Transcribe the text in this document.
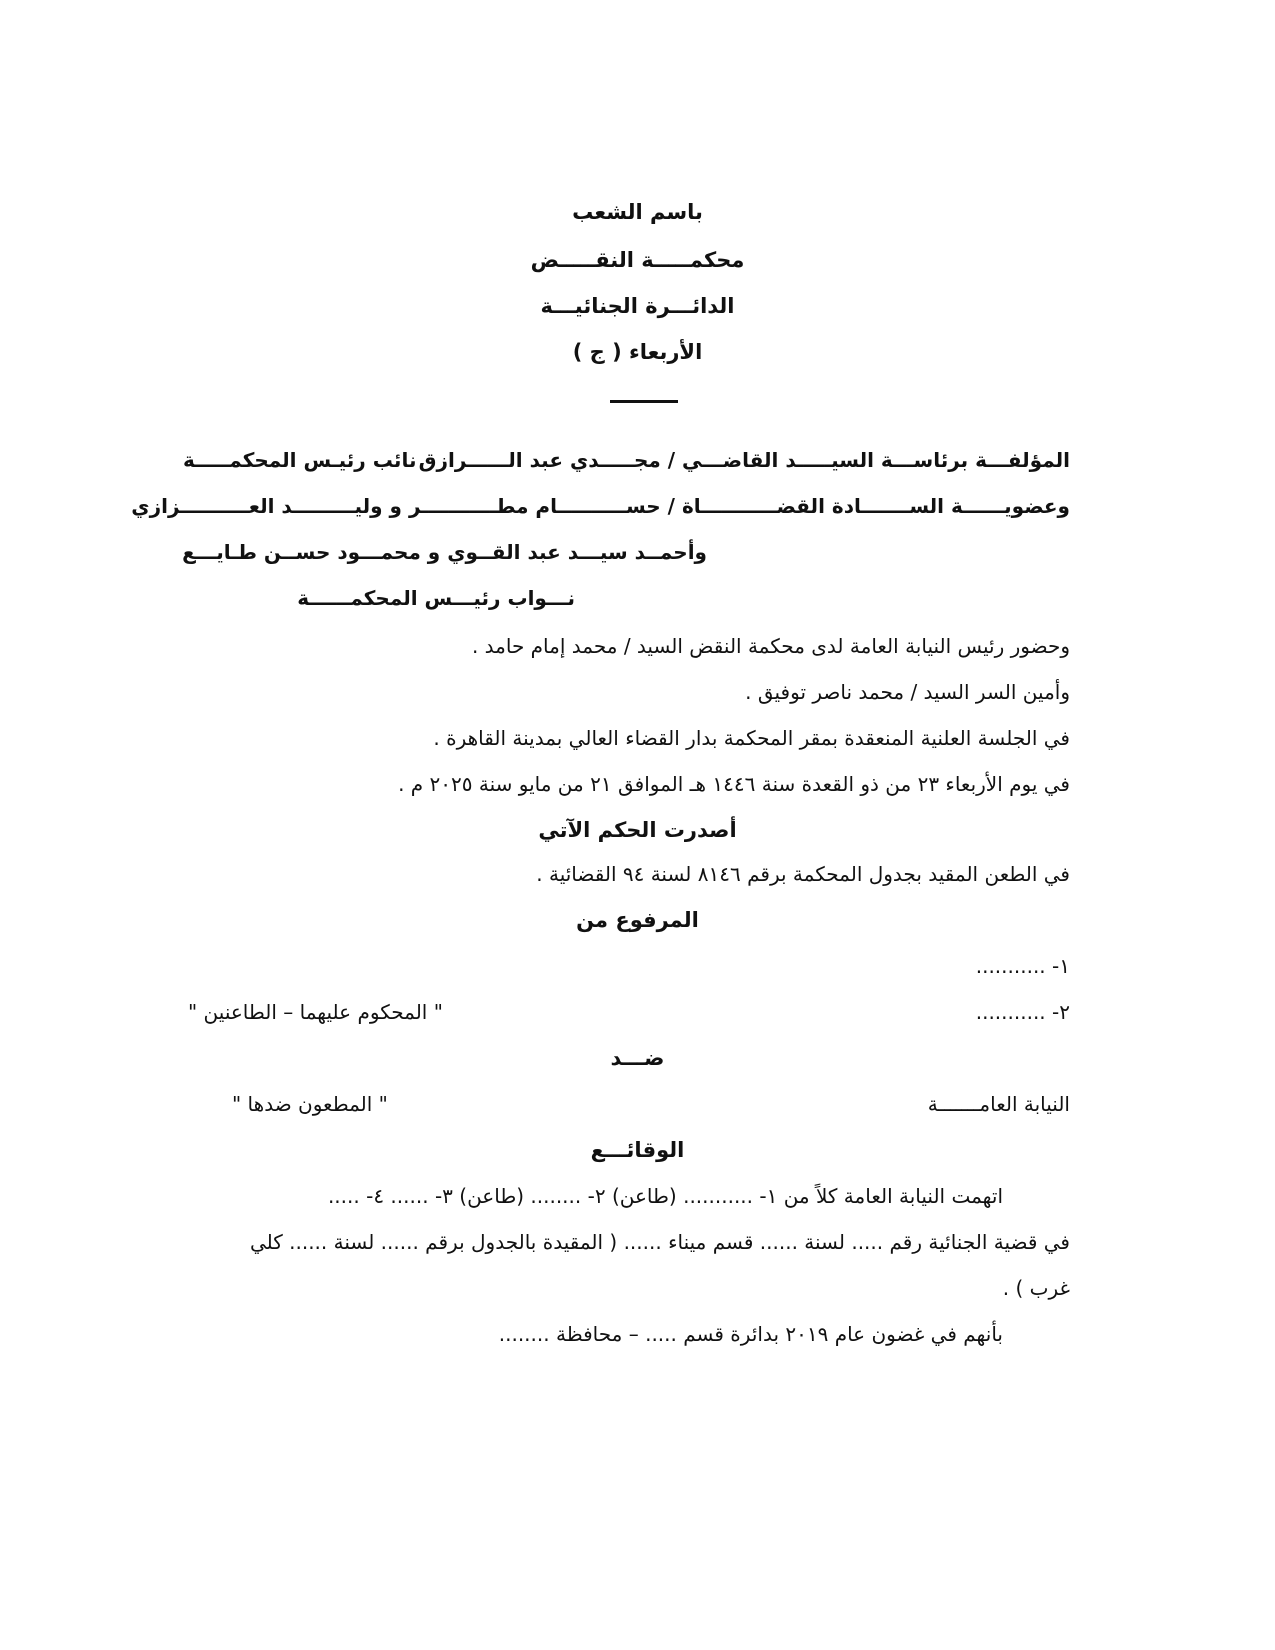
باسم الشعب
محكمـــــة النقـــــض
الدائـــرة الجنائيـــة
الأربعاء ( ج )
المؤلفـــة برئاســـة السيـــــد القاضـــي / مجـــــدي عبد الــــــرازق
نائب رئيـس المحكمـــــة
وعضويــــــة الســـــــادة القضـــــــــــاة / حســــــــــام مطـــــــــــر و وليـــــــــد العــــــــــزازي
وأحمــد سيـــد عبد القــوي و محمـــود حســن طـايـــع
نـــواب رئيـــس المحكمــــــة
وحضور رئيس النيابة العامة لدى محكمة النقض السيد / محمد إمام حامد .
وأمين السر السيد / محمد ناصر توفيق .
في الجلسة العلنية المنعقدة بمقر المحكمة بدار القضاء العالي بمدينة القاهرة .
في يوم الأربعاء ٢٣ من ذو القعدة سنة ١٤٤٦ هـ الموافق ٢١ من مايو سنة ٢٠٢٥ م .
أصدرت الحكم الآتي
في الطعن المقيد بجدول المحكمة برقم ٨١٤٦ لسنة ٩٤ القضائية .
المرفوع من
١- ...........
٢- ...........
" المحكوم عليهما – الطاعنين "
ضـــد
النيابة العامـــــــة
" المطعون ضدها "
الوقائـــع
اتهمت النيابة العامة كلاً من ١- ........... (طاعن) ٢- ........ (طاعن) ٣- ...... ٤- .....
في قضية الجنائية رقم ..... لسنة ...... قسم ميناء ...... ( المقيدة بالجدول برقم ...... لسنة ...... كلي
غرب ) .
بأنهم في غضون عام ٢٠١٩ بدائرة قسم ..... – محافظة ........
